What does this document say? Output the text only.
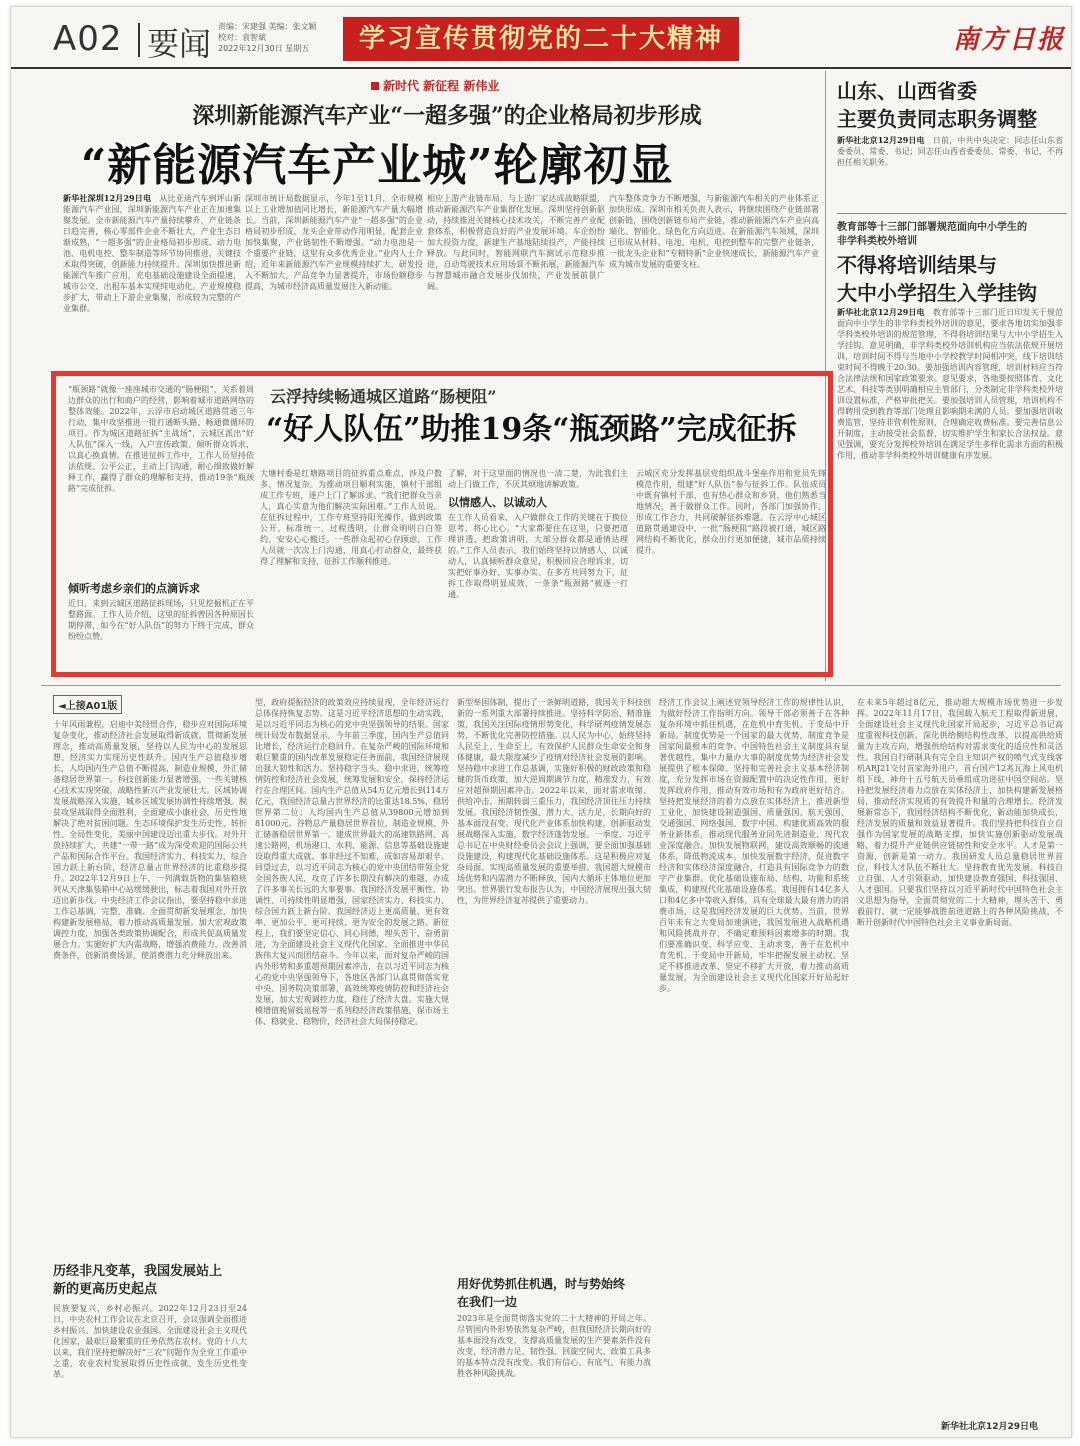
A02 要闻 责编：宋建强 美编：张文颖
校对：袁智斌
2022年12月30日 星期五	学习宣传贯彻党的二十大精神	南方日报
新时代 新征程 新伟业
深圳新能源汽车产业“一超多强”的企业格局初步形成
“新能源汽车产业城”轮廓初显
新华社深圳12月29日电　从比亚迪汽车到坪山新能源汽车产业园，深圳新能源汽车产业正在加速集聚发展。全市新能源汽车产量持续攀升，产业链条日趋完善，核心零部件企业不断壮大，产业生态日渐成熟，“一超多强”的企业格局初步形成。动力电池、电机电控、整车制造等环节协同推进，关键技术取得突破，创新能力持续提升。深圳加快推进新能源汽车推广应用，充电基础设施建设全面提速，城市公交、出租车基本实现纯电动化。产业规模稳步扩大，带动上下游企业集聚，形成较为完整的产业集群。
深圳市统计局数据显示，今年1至11月，全市规模以上工业增加值同比增长，新能源汽车产量大幅增长。当前，深圳新能源汽车产业“一超多强”的企业格局初步形成，龙头企业带动作用明显，配套企业加快集聚，产业链韧性不断增强。“动力电池是一个重要产业链，这里有众多优秀企业。”业内人士介绍，近年来新能源汽车产业规模持续扩大，研发投入不断加大，产品竞争力显著提升，市场份额稳步提高，为城市经济高质量发展注入新动能。
相应上游产业链布局，与上游厂家达成战略联盟，推动新能源汽车产业集群化发展。深圳坚持创新驱动，持续推进关键核心技术攻关，不断完善产业配套体系，积极营造良好的产业发展环境。车企纷纷加大投资力度，新建生产基地陆续投产，产能持续释放。与此同时，智能网联汽车测试示范稳步推进，自动驾驶技术应用场景不断拓展，新能源汽车与智慧城市融合发展步伐加快，产业发展前景广阔。
汽车整体竞争力不断增强，与新能源汽车相关的产业体系正加快形成。深圳市相关负责人表示，将继续围绕产业链部署创新链，围绕创新链布局产业链，推动新能源汽车产业向高端化、智能化、绿色化方向迈进。在新能源汽车领域，深圳已形成从材料、电池、电机、电控到整车的完整产业链条，一批龙头企业和“专精特新”企业快速成长，新能源汽车产业成为城市发展的重要支柱。
山东、山西省委
主要负责同志职务调整
新华社北京12月29日电　日前，中共中央决定：同志任山东省委委员、常委、书记；同志任山西省委委员、常委、书记，不再担任相关职务。
教育部等十三部门部署规范面向中小学生的
非学科类校外培训
不得将培训结果与
大中小学招生入学挂钩
新华社北京12月29日电　教育部等十三部门近日印发关于规范面向中小学生的非学科类校外培训的意见，要求各地切实加强非学科类校外培训的规范管理，不得将培训结果与大中小学招生入学挂钩。意见明确，非学科类校外培训机构应当依法依规开展培训，培训时间不得与当地中小学校教学时间相冲突，线下培训结束时间不得晚于20:30。要加强培训内容管理，培训材料应当符合法律法规和国家政策要求。意见要求，各地要按照体育、文化艺术、科技等类别明确相应主管部门，分类制定非学科类校外培训设置标准，严格审批把关。要加强培训人员管理，培训机构不得聘用受到教育等部门处理且影响期未满的人员。要加强培训收费监管，坚持非营利性原则，合理确定收费标准。要完善信息公开制度，主动接受社会监督，切实维护学生和家长合法权益。意见强调，要充分发挥校外培训在满足学生多样化需求方面的积极作用，推动非学科类校外培训健康有序发展。
云浮持续畅通城区道路“肠梗阻”
“好人队伍”助推19条“瓶颈路”完成征拆
“瓶颈路”就像一座座城市交通的“肠梗阻”，关系着周边群众的出行和商户的经营，影响着城市道路网络的整体效能。2022年，云浮市启动城区道路贯通三年行动，集中攻坚推进一批打通断头路、畅通微循环的项目。作为城区道路征拆“主战场”，云城区派出“好人队伍”深入一线，入户宣传政策、倾听群众诉求，以真心换真情。在推进征拆工作中，工作人员坚持依法依规、公平公正，主动上门沟通，耐心细致做好解释工作，赢得了群众的理解和支持，推动19条“瓶颈路”完成征拆。
倾听考虑乡亲们的点滴诉求
近日，来到云城区道路征拆现场，只见挖掘机正在平整路面。工作人员介绍，这里的征拆曾因各种原因长期停滞，如今在“好人队伍”的努力下终于完成，群众纷纷点赞。
大塘村委是红塘路项目的征拆重点难点，涉及户数多、情况复杂。为推动项目顺利实施，镇村干部组成工作专班，逐户上门了解诉求。“我们把群众当亲人，真心实意为他们解决实际困难。”工作人员说。在征拆过程中，工作专班坚持阳光操作，做到政策公开、标准统一、过程透明，让群众明明白白签约、安安心心搬迁。一些群众起初心存顾虑，工作人员就一次次上门沟通，用真心打动群众，最终获得了理解和支持，征拆工作顺利推进。
了解，对于这里面的情况也一清二楚，为此我们主动上门做工作，不厌其烦地讲解政策。
以情感人、以诚动人
在工作人员看来，入户做群众工作的关键在于换位思考、将心比心。“大家都要住在这里，只要把道理讲透、把政策讲明，大部分群众都是通情达理的。”工作人员表示，我们始终坚持以情感人、以诚动人，认真倾听群众意见，积极回应合理诉求，切实把好事办好、实事办实。在多方共同努力下，征拆工作取得明显成效，一条条“瓶颈路”被逐一打通。
云城区充分发挥基层党组织战斗堡垒作用和党员先锋模范作用，组建“好人队伍”参与征拆工作。队伍成员中既有镇村干部，也有热心群众和乡贤，他们熟悉当地情况，善于做群众工作。同时，各部门加强协作，形成工作合力，共同破解征拆难题。在云浮中心城区道路贯通建设中，一批“肠梗阻”路段被打通，城区路网结构不断优化，群众出行更加便捷，城市品质持续提升。
◄上接A01版
十年风雨兼程，启迪中美经贸合作，稳步应对国际环境复杂变化，推动经济社会发展取得新成就。贯彻新发展理念，推动高质量发展，坚持以人民为中心的发展思想，经济实力实现历史性跃升。国内生产总值稳步增长，人均国内生产总值不断提高，制造业规模、外汇储备稳居世界第一。科技创新能力显著增强，一些关键核心技术实现突破，战略性新兴产业发展壮大。区域协调发展战略深入实施，城乡区域发展协调性持续增强。脱贫攻坚战取得全面胜利，全面建成小康社会，历史性地解决了绝对贫困问题。生态环境保护发生历史性、转折性、全局性变化，美丽中国建设迈出重大步伐。对外开放持续扩大，共建“一带一路”成为深受欢迎的国际公共产品和国际合作平台。我国经济实力、科技实力、综合国力跃上新台阶，经济总量占世界经济的比重稳步提升。2022年12月9日上午，一列满载货物的集装箱班列从天津集装箱中心站缓缓驶出，标志着我国对外开放迈出新步伐。中央经济工作会议指出，要坚持稳中求进工作总基调，完整、准确、全面贯彻新发展理念，加快构建新发展格局，着力推动高质量发展。加大宏观政策调控力度，加强各类政策协调配合，形成共促高质量发展合力。实施好扩大内需战略，增强消费能力，改善消费条件，创新消费场景，使消费潜力充分释放出来。
历经非凡变革，我国发展站上
新的更高历史起点
民族要复兴，乡村必振兴。2022年12月23日至24日，中央农村工作会议在北京召开，会议强调全面推进乡村振兴、加快建设农业强国。全面建设社会主义现代化国家，最艰巨最繁重的任务依然在农村。党的十八大以来，我们坚持把解决好“三农”问题作为全党工作重中之重，农业农村发展取得历史性成就、发生历史性变革。
型，政府提振经济的政策效应持续显现，全年经济运行总体保持恢复态势。这是习近平经济思想的生动实践，是以习近平同志为核心的党中央坚强领导的结果。国家统计局发布数据显示，今年前三季度，国内生产总值同比增长，经济运行企稳回升。在复杂严峻的国际环境和艰巨繁重的国内改革发展稳定任务面前，我国经济展现出强大韧性和活力。坚持稳字当头、稳中求进，统筹疫情防控和经济社会发展，统筹发展和安全，保持经济运行在合理区间。国内生产总值从54万亿元增长到114万亿元，我国经济总量占世界经济的比重达18.5%，稳居世界第二位；人均国内生产总值从39800元增加到81000元。谷物总产量稳居世界首位，制造业规模、外汇储备稳居世界第一。建成世界最大的高速铁路网、高速公路网，机场港口、水利、能源、信息等基础设施建设取得重大成就。事非经过不知难，成如容易却艰辛。回望过去，以习近平同志为核心的党中央团结带领全党全国各族人民，攻克了许多长期没有解决的难题，办成了许多事关长远的大事要事。我国经济发展平衡性、协调性、可持续性明显增强，国家经济实力、科技实力、综合国力跃上新台阶。我国经济迈上更高质量、更有效率、更加公平、更可持续、更为安全的发展之路。新征程上，我们要坚定信心、同心同德，埋头苦干、奋勇前进，为全面建设社会主义现代化国家、全面推进中华民族伟大复兴而团结奋斗。今年以来，面对复杂严峻的国内外形势和多重超预期因素冲击，在以习近平同志为核心的党中央坚强领导下，各地区各部门认真贯彻落实党中央、国务院决策部署，高效统筹疫情防控和经济社会发展，加大宏观调控力度，稳住了经济大盘。实施大规模增值税留抵退税等一系列稳经济政策措施，保市场主体、稳就业、稳物价，经济社会大局保持稳定。
新型举国体制，提出了一条鲜明道路，我国关于科技创新的一系列重大部署持续推进。坚持科学防治、精准施策，我国关注国际疫情形势变化，科学研判疫情发展态势，不断优化完善防控措施。以人民为中心，始终坚持人民至上、生命至上，有效保护人民群众生命安全和身体健康，最大限度减少了疫情对经济社会发展的影响。坚持稳中求进工作总基调，实施好积极的财政政策和稳健的货币政策，加大逆周期调节力度，精准发力，有效应对超预期因素冲击。2022年以来，面对需求收缩、供给冲击、预期转弱三重压力，我国经济顶住压力持续发展。我国经济韧性强、潜力大、活力足，长期向好的基本面没有变。现代化产业体系加快构建，创新驱动发展战略深入实施，数字经济蓬勃发展。一季度，习近平总书记在中央财经委员会会议上强调，要全面加强基础设施建设，构建现代化基础设施体系。这是积极应对复杂局面、实现高质量发展的重要举措。我国超大规模市场优势和内需潜力不断释放，国内大循环主体地位更加突出。世界银行发布报告认为，中国经济展现出强大韧性，为世界经济复苏提供了重要动力。
用好优势抓住机遇，时与势始终
在我们一边
2023年是全面贯彻落实党的二十大精神的开局之年。尽管国内外形势依然复杂严峻，但我国经济长期向好的基本面没有改变，支撑高质量发展的生产要素条件没有改变，经济潜力足、韧性强、回旋空间大、政策工具多的基本特点没有改变。我们有信心、有底气、有能力战胜各种风险挑战。
经济工作会议上阐述党领导经济工作的规律性认识，为做好经济工作指明方向。领导干部必须善于在各种复杂环境中抓住机遇，在危机中育先机、于变局中开新局。制度优势是一个国家的最大优势，制度竞争是国家间最根本的竞争。中国特色社会主义制度具有显著优越性，集中力量办大事的制度优势为经济社会发展提供了根本保障。坚持和完善社会主义基本经济制度，充分发挥市场在资源配置中的决定性作用，更好发挥政府作用，推动有效市场和有为政府更好结合。坚持把发展经济的着力点放在实体经济上，推进新型工业化，加快建设制造强国、质量强国、航天强国、交通强国、网络强国、数字中国。构建优质高效的服务业新体系，推动现代服务业同先进制造业、现代农业深度融合。加快发展物联网，建设高效顺畅的流通体系，降低物流成本。加快发展数字经济，促进数字经济和实体经济深度融合，打造具有国际竞争力的数字产业集群。优化基础设施布局、结构、功能和系统集成，构建现代化基础设施体系。我国拥有14亿多人口和4亿多中等收入群体，具有全球最大最有潜力的消费市场，这是我国经济发展的巨大优势。当前，世界百年未有之大变局加速演进，我国发展进入战略机遇和风险挑战并存、不确定难预料因素增多的时期。我们要准确识变、科学应变、主动求变，善于在危机中育先机、于变局中开新局，牢牢把握发展主动权。坚定不移推进改革，坚定不移扩大开放，着力推动高质量发展，为全面建设社会主义现代化国家开好局起好步。
在未来5年超过8亿元，推动超大规模市场优势进一步发挥。2022年11月17日，我国载人航天工程取得新进展，全面建设社会主义现代化国家开局起步，习近平总书记高度重视科技创新。深化供给侧结构性改革，以提高供给质量为主攻方向，增强供给结构对需求变化的适应性和灵活性。我国自行研制具有完全自主知识产权的喷气式支线客机ARJ21交付首家海外用户，首台国产12兆瓦海上风电机组下线，神舟十五号航天员乘组成功进驻中国空间站。坚持把发展经济着力点放在实体经济上，加快构建新发展格局，推动经济实现质的有效提升和量的合理增长。经济发展新常态下，我国经济结构不断优化，新动能加快成长，经济发展的质量和效益显著提升。我们坚持把科技自立自强作为国家发展的战略支撑，加快实施创新驱动发展战略，着力提升产业链供应链韧性和安全水平。人才是第一资源，创新是第一动力。我国研发人员总量稳居世界首位，科技人才队伍不断壮大。坚持教育优先发展、科技自立自强、人才引领驱动，加快建设教育强国、科技强国、人才强国。只要我们坚持以习近平新时代中国特色社会主义思想为指导，全面贯彻党的二十大精神，埋头苦干、勇毅前行，就一定能够战胜前进道路上的各种风险挑战，不断开创新时代中国特色社会主义事业新局面。
新华社北京12月29日电
